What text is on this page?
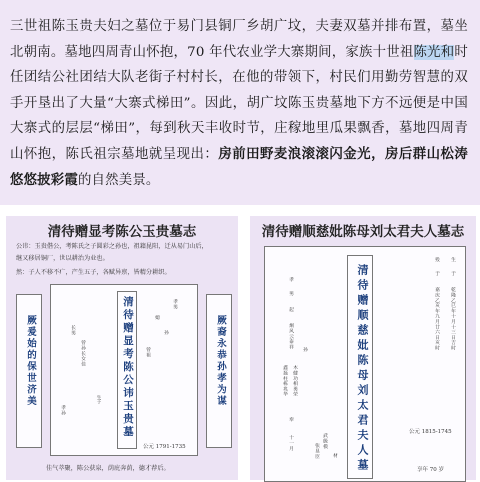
三世祖陈玉贵夫妇之墓位于易门县铜厂乡胡广坟，夫妻双墓并排布置，墓坐北朝南。墓地四周青山怀抱，70 年代农业学大寨期间，家族十世祖陈光和时任团结公社团结大队老街子村村长，在他的带领下，村民们用勤劳智慧的双手开垦出了大量“大寨式梯田”。因此，胡广坟陈玉贵墓地下方不远便是中国大寨式的层层“梯田”，每到秋天丰收时节，庄稼地里瓜果飘香，墓地四周青山怀抱，陈氏祖宗墓地就呈现出：房前田野麦浪滚滚闪金光，房后群山松涛悠悠披彩霞的自然美景。

清待赠显考陈公玉贵墓志
公讳：玉贵偕公，考陈氏之子圆彩之孙也，祖籍昆阳，迁从易门山后，
继又移居铜厂，世以耕治为业也。
然：子人不移不疒，产生五子，各赋异禀，皆精分耕织。
厥爰始的保世济美
孝男
孙
媳
曾祖
长男
曾孙长女佳
孝孙	清待赠显考陈公讳玉贵墓
生于
公元 1791-1735
厥裔永恭孙孝为谋
佳气萃聚，陈公获泉，荫庇奔荫，德才荐后。
清待赠顺慈妣陈母刘太君夫人墓志
孝
男
起
炯风云泰祥
孙
木健功相勇荣
鑫磊柱栋兆华
奉
十一月	武级模
张显臣	材 清待赠顺慈妣陈母刘太君夫人墓
殁
于
嘉庆乙亥年九月廿六日亥时
生
于
乾隆乙巳年十月十三日吉时
公元 1815-1745
享年 70 岁
